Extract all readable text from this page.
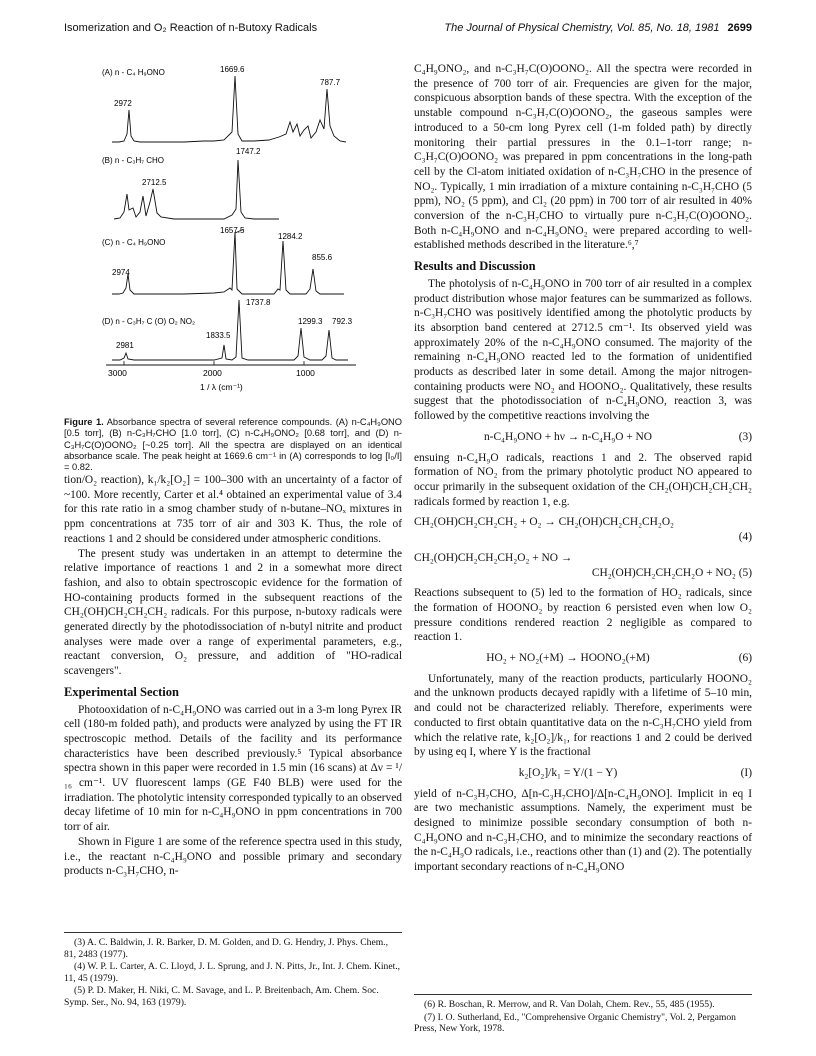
Isomerization and O₂ Reaction of n-Butoxy Radicals	The Journal of Physical Chemistry, Vol. 85, No. 18, 1981 2699
(A) n - C₄ H₉ONO	1669.6
787.7
2972
(B) n - C₃H₇ CHO
1747.2
2712.5
1657.5
(C) n - C₄ H₉ONO
1284.2
855.6
2974
(D) n - C₃H₇ C (O) O₂ NO₂
1737.8
1299.3 792.3
1833.5
2981
3000	2000	1000
1 / λ (cm⁻¹)
Figure 1. Absorbance spectra of several reference compounds. (A) n-C₄H₉ONO [0.5 torr], (B) n-C₃H₇CHO [1.0 torr], (C) n-C₄H₉ONO₂ [0.68 torr], and (D) n-C₃H₇C(O)OONO₂ [~0.25 torr]. All the spectra are displayed on an identical absorbance scale. The peak height at 1669.6 cm⁻¹ in (A) corresponds to log [I₀/I] = 0.82.

tion/O₂ reaction), k₁/k₂[O₂] = 100–300 with an uncertainty of a factor of ~100. More recently, Carter et al.⁴ obtained an experimental value of 3.4 for this rate ratio in a smog chamber study of n-butane–NOₓ mixtures in ppm concentrations at 735 torr of air and 303 K. Thus, the role of reactions 1 and 2 should be considered under atmospheric conditions.

The present study was undertaken in an attempt to determine the relative importance of reactions 1 and 2 in a somewhat more direct fashion, and also to obtain spectroscopic evidence for the formation of HO-containing products formed in the subsequent reactions of the CH₂(OH)CH₂CH₂CH₂ radicals. For this purpose, n-butoxy radicals were generated directly by the photodissociation of n-butyl nitrite and product analyses were made over a range of experimental parameters, e.g., reactant conversion, O₂ pressure, and addition of "HO-radical scavengers".

Experimental Section

Photooxidation of n-C₄H₉ONO was carried out in a 3-m long Pyrex IR cell (180-m folded path), and products were analyzed by using the FT IR spectroscopic method. Details of the facility and its performance characteristics have been described previously.⁵ Typical absorbance spectra shown in this paper were recorded in 1.5 min (16 scans) at Δν = ¹/₁₆ cm⁻¹. UV fluorescent lamps (GE F40 BLB) were used for the irradiation. The photolytic intensity corresponded typically to an observed decay lifetime of 10 min for n-C₄H₉ONO in ppm concentrations in 700 torr of air.

Shown in Figure 1 are some of the reference spectra used in this study, i.e., the reactant n-C₄H₉ONO and possible primary and secondary products n-C₃H₇CHO, n-

(3) A. C. Baldwin, J. R. Barker, D. M. Golden, and D. G. Hendry, J. Phys. Chem., 81, 2483 (1977).

(4) W. P. L. Carter, A. C. Lloyd, J. L. Sprung, and J. N. Pitts, Jr., Int. J. Chem. Kinet., 11, 45 (1979).

(5) P. D. Maker, H. Niki, C. M. Savage, and L. P. Breitenbach, Am. Chem. Soc. Symp. Ser., No. 94, 163 (1979).

C₄H₉ONO₂, and n-C₃H₇C(O)OONO₂. All the spectra were recorded in the presence of 700 torr of air. Frequencies are given for the major, conspicuous absorption bands of these spectra. With the exception of the unstable compound n-C₃H₇C(O)OONO₂, the gaseous samples were introduced to a 50-cm long Pyrex cell (1-m folded path) by directly monitoring their partial pressures in the 0.1–1-torr range; n-C₃H₇C(O)OONO₂ was prepared in ppm concentrations in the long-path cell by the Cl-atom initiated oxidation of n-C₃H₇CHO in the presence of NO₂. Typically, 1 min irradiation of a mixture containing n-C₃H₇CHO (5 ppm), NO₂ (5 ppm), and Cl₂ (20 ppm) in 700 torr of air resulted in 40% conversion of the n-C₃H₇CHO to virtually pure n-C₃H₇C(O)OONO₂. Both n-C₄H₉ONO and n-C₄H₉ONO₂ were prepared according to well-established methods described in the literature.⁶,⁷

Results and Discussion

The photolysis of n-C₄H₉ONO in 700 torr of air resulted in a complex product distribution whose major features can be summarized as follows. n-C₃H₇CHO was positively identified among the photolytic products by its absorption band centered at 2712.5 cm⁻¹. Its observed yield was approximately 20% of the n-C₄H₉ONO consumed. The majority of the remaining n-C₄H₉ONO reacted led to the formation of unidentified products as described later in some detail. Among the major nitrogen-containing products were NO₂ and HOONO₂. Qualitatively, these results suggest that the photodissociation of n-C₄H₉ONO, reaction 3, was followed by the competitive reactions involving the

n-C₄H₉ONO + hν → n-C₄H₉O + NO	(3)

ensuing n-C₄H₉O radicals, reactions 1 and 2. The observed rapid formation of NO₂ from the primary photolytic product NO appeared to occur primarily in the subsequent oxidation of the CH₂(OH)CH₂CH₂CH₂ radicals formed by reaction 1, e.g.

CH₂(OH)CH₂CH₂CH₂ + O₂ → CH₂(OH)CH₂CH₂CH₂O₂
(4)
CH₂(OH)CH₂CH₂CH₂O₂ + NO →
CH₂(OH)CH₂CH₂CH₂O + NO₂ (5)

Reactions subsequent to (5) led to the formation of HO₂ radicals, since the formation of HOONO₂ by reaction 6 persisted even when low O₂ pressure conditions rendered reaction 2 negligible as compared to reaction 1.

HO₂ + NO₂(+M) → HOONO₂(+M)	(6)

Unfortunately, many of the reaction products, particularly HOONO₂ and the unknown products decayed rapidly with a lifetime of 5–10 min, and could not be characterized reliably. Therefore, experiments were conducted to first obtain quantitative data on the n-C₃H₇CHO yield from which the relative rate, k₂[O₂]/k₁, for reactions 1 and 2 could be derived by using eq I, where Y is the fractional

k₂[O₂]/k₁ = Y/(1 − Y)	(I)

yield of n-C₃H₇CHO, Δ[n-C₃H₇CHO]/Δ[n-C₄H₉ONO]. Implicit in eq I are two mechanistic assumptions. Namely, the experiment must be designed to minimize possible secondary consumption of both n-C₄H₉ONO and n-C₃H₇CHO, and to minimize the secondary reactions of the n-C₄H₉O radicals, i.e., reactions other than (1) and (2). The potentially important secondary reactions of n-C₄H₉ONO

(6) R. Boschan, R. Merrow, and R. Van Dolah, Chem. Rev., 55, 485 (1955).

(7) I. O. Sutherland, Ed., "Comprehensive Organic Chemistry", Vol. 2, Pergamon Press, New York, 1978.
